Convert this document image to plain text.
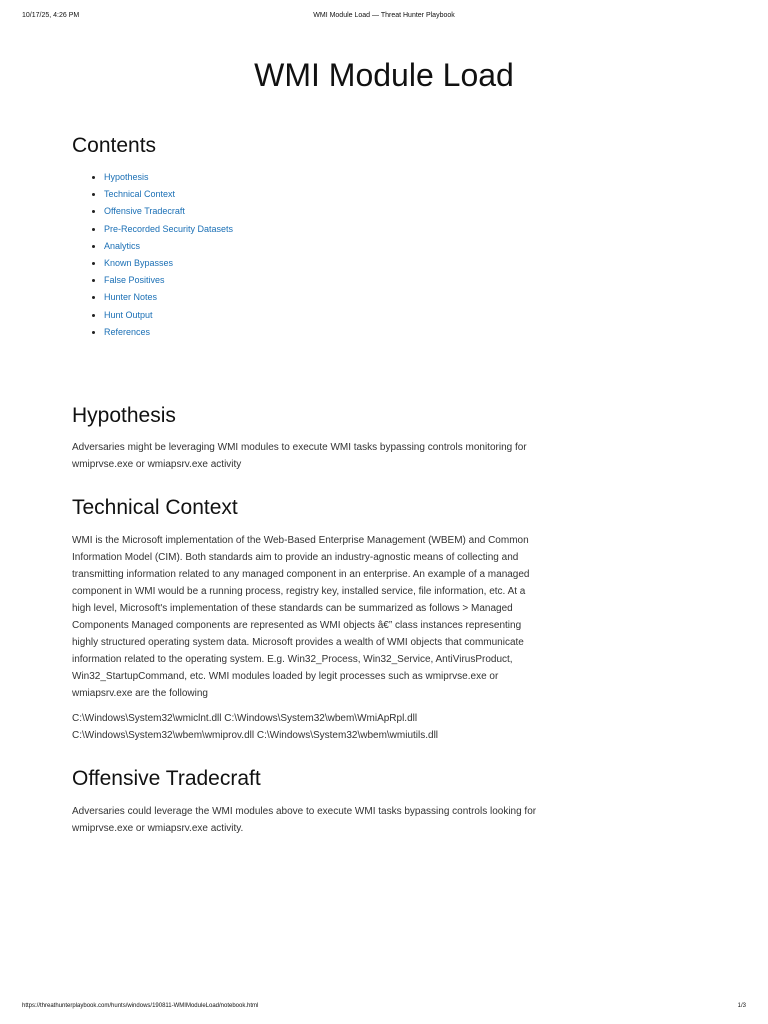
10/17/25, 4:26 PM	WMI Module Load — Threat Hunter Playbook
WMI Module Load
Contents
• Hypothesis
• Technical Context
• Offensive Tradecraft
• Pre-Recorded Security Datasets
• Analytics
• Known Bypasses
• False Positives
• Hunter Notes
• Hunt Output
• References
Hypothesis

Adversaries might be leveraging WMI modules to execute WMI tasks bypassing controls monitoring for wmiprvse.exe or wmiapsrv.exe activity

Technical Context

WMI is the Microsoft implementation of the Web-Based Enterprise Management (WBEM) and Common Information Model (CIM). Both standards aim to provide an industry-agnostic means of collecting and transmitting information related to any managed component in an enterprise. An example of a managed component in WMI would be a running process, registry key, installed service, file information, etc. At a high level, Microsoft's implementation of these standards can be summarized as follows > Managed Components Managed components are represented as WMI objects â€” class instances representing highly structured operating system data. Microsoft provides a wealth of WMI objects that communicate information related to the operating system. E.g. Win32_Process, Win32_Service, AntiVirusProduct, Win32_StartupCommand, etc. WMI modules loaded by legit processes such as wmiprvse.exe or wmiapsrv.exe are the following

C:\Windows\System32\wmiclnt.dll C:\Windows\System32\wbem\WmiApRpl.dll C:\Windows\System32\wbem\wmiprov.dll C:\Windows\System32\wbem\wmiutils.dll

Offensive Tradecraft

Adversaries could leverage the WMI modules above to execute WMI tasks bypassing controls looking for wmiprvse.exe or wmiapsrv.exe activity.

https://threathunterplaybook.com/hunts/windows/190811-WMIModuleLoad/notebook.html	1/3
